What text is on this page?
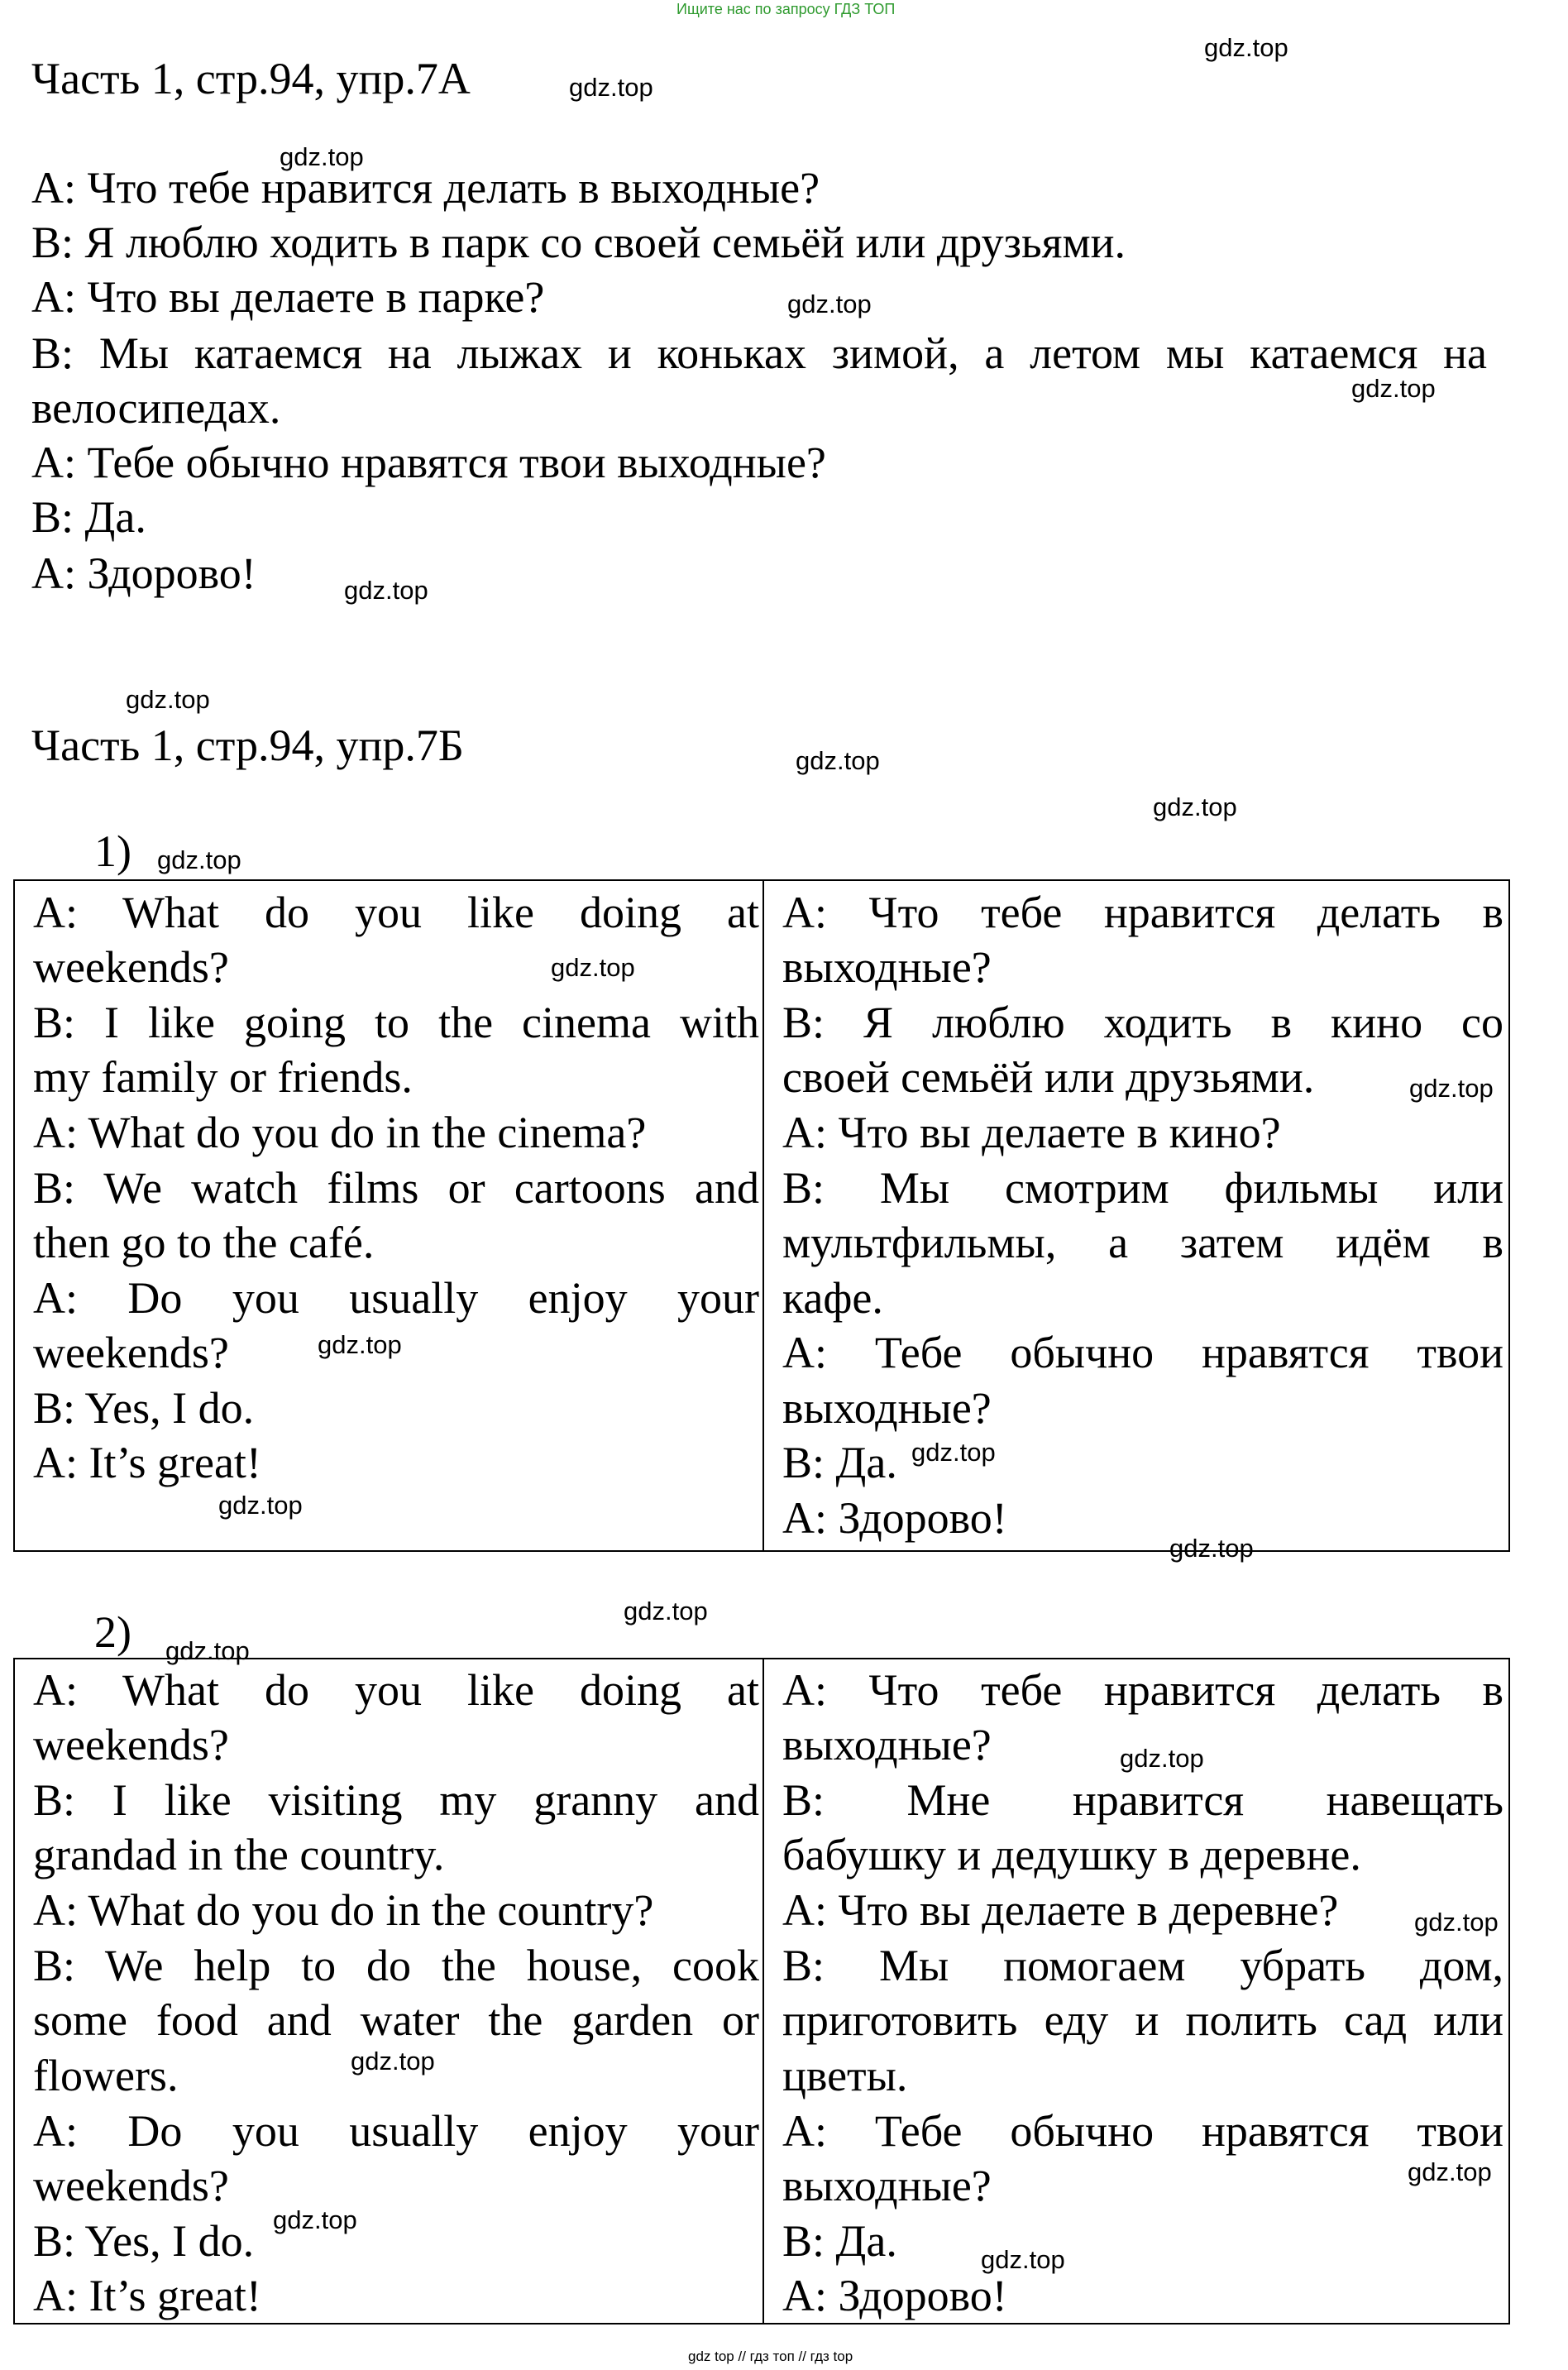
Ищите нас по запросу ГДЗ ТОП
Часть 1, стр.94, упр.7А
A: Что тебе нравится делать в выходные?
B: Я люблю ходить в парк со своей семьёй или друзьями.
A: Что вы делаете в парке?
B: Мы катаемся на лыжах и коньках зимой, а летом мы катаемся на
велосипедах.
A: Тебе обычно нравятся твои выходные?
B: Да.
A: Здорово!
Часть 1, стр.94, упр.7Б
1)
A: What do you like doing at
weekends?
B: I like going to the cinema with
my family or friends.
A: What do you do in the cinema?
B: We watch films or cartoons and
then go to the café.
A: Do you usually enjoy your
weekends?
B: Yes, I do.
A: It’s great!
A: Что тебе нравится делать в
выходные?
B: Я люблю ходить в кино со
своей семьёй или друзьями.
A: Что вы делаете в кино?
B: Мы смотрим фильмы или
мультфильмы, а затем идём в
кафе.
A: Тебе обычно нравятся твои
выходные?
B: Да.
A: Здорово!
2)
A: What do you like doing at
weekends?
B: I like visiting my granny and
grandad in the country.
A: What do you do in the country?
B: We help to do the house, cook
some food and water the garden or
flowers.
A: Do you usually enjoy your
weekends?
B: Yes, I do.
A: It’s great!
A: Что тебе нравится делать в
выходные?
B: Мне нравится навещать
бабушку и дедушку в деревне.
A: Что вы делаете в деревне?
B: Мы помогаем убрать дом,
приготовить еду и полить сад или
цветы.
A: Тебе обычно нравятся твои
выходные?
B: Да.
A: Здорово!
gdz.top
gdz.top
gdz.top
gdz.top
gdz.top
gdz.top
gdz.top
gdz.top
gdz.top
gdz.top
gdz.top
gdz.top
gdz.top
gdz.top
gdz.top
gdz.top
gdz.top
gdz.top
gdz.top
gdz.top
gdz.top
gdz.top
gdz.top
gdz.top
gdz top // гдз топ // гдз top
